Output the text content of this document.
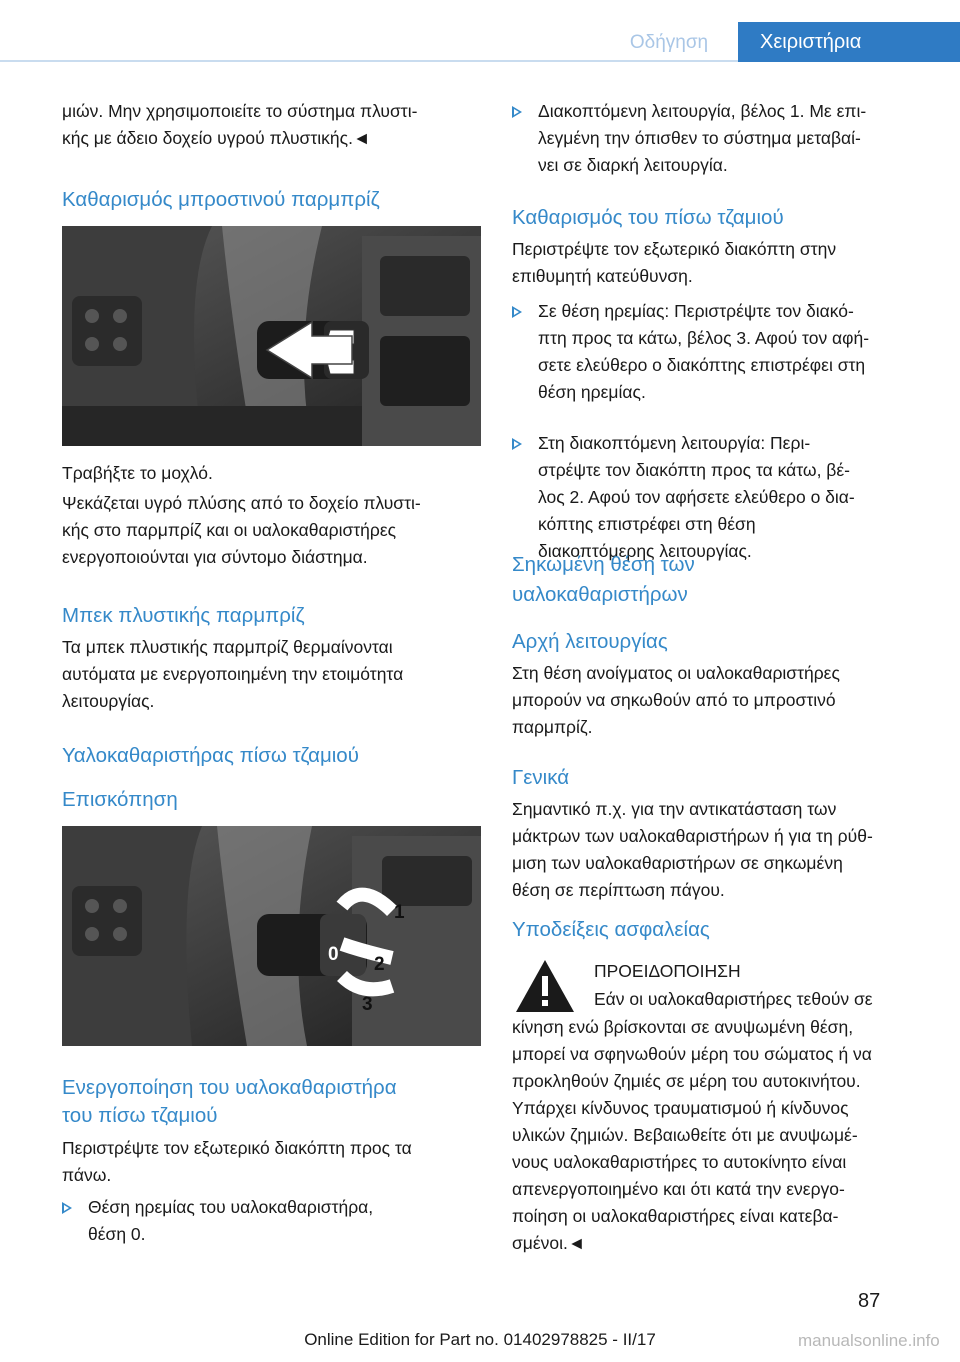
Οδήγηση	Χειριστήρια
μιών. Μην χρησιμοποιείτε το σύστημα πλυστι-
κής με άδειο δοχείο υγρού πλυστικής.◄
Καθαρισμός μπροστινού παρμπρίζ
Τραβήξτε το μοχλό.
Ψεκάζεται υγρό πλύσης από το δοχείο πλυστι-
κής στο παρμπρίζ και οι υαλοκαθαριστήρες
ενεργοποιούνται για σύντομο διάστημα.
Μπεκ πλυστικής παρμπρίζ
Τα μπεκ πλυστικής παρμπρίζ θερμαίνονται
αυτόματα με ενεργοποιημένη την ετοιμότητα
λειτουργίας.
Υαλοκαθαριστήρας πίσω τζαμιού
Επισκόπηση
1
0 2
3
Ενεργοποίηση του υαλοκαθαριστήρα
του πίσω τζαμιού
Περιστρέψτε τον εξωτερικό διακόπτη προς τα
πάνω.
Θέση ηρεμίας του υαλοκαθαριστήρα,
θέση 0.
Διακοπτόμενη λειτουργία, βέλος 1. Με επι-
λεγμένη την όπισθεν το σύστημα μεταβαί-
νει σε διαρκή λειτουργία.
Καθαρισμός του πίσω τζαμιού
Περιστρέψτε τον εξωτερικό διακόπτη στην
επιθυμητή κατεύθυνση.
Σε θέση ηρεμίας: Περιστρέψτε τον διακό-
πτη προς τα κάτω, βέλος 3. Αφού τον αφή-
σετε ελεύθερο ο διακόπτης επιστρέφει στη
θέση ηρεμίας.
Στη διακοπτόμενη λειτουργία: Περι-
στρέψτε τον διακόπτη προς τα κάτω, βέ-
λος 2. Αφού τον αφήσετε ελεύθερο ο δια-
κόπτης επιστρέφει στη θέση
διακοπτόμερης λειτουργίας.
Σηκωμένη θέση των
υαλοκαθαριστήρων
Αρχή λειτουργίας
Στη θέση ανοίγματος οι υαλοκαθαριστήρες
μπορούν να σηκωθούν από το μπροστινό
παρμπρίζ.
Γενικά
Σημαντικό π.χ. για την αντικατάσταση των
μάκτρων των υαλοκαθαριστήρων ή για τη ρύθ-
μιση των υαλοκαθαριστήρων σε σηκωμένη
θέση σε περίπτωση πάγου.
Υποδείξεις ασφαλείας
ΠΡΟΕΙΔΟΠΟΙΗΣΗ
Εάν οι υαλοκαθαριστήρες τεθούν σε
κίνηση ενώ βρίσκονται σε ανυψωμένη θέση,
μπορεί να σφηνωθούν μέρη του σώματος ή να
προκληθούν ζημιές σε μέρη του αυτοκινήτου.
Υπάρχει κίνδυνος τραυματισμού ή κίνδυνος
υλικών ζημιών. Βεβαιωθείτε ότι με ανυψωμέ-
νους υαλοκαθαριστήρες το αυτοκίνητο είναι
απενεργοποιημένο και ότι κατά την ενεργο-
ποίηση οι υαλοκαθαριστήρες είναι κατεβα-
σμένοι.◄
87
Online Edition for Part no. 01402978825 - II/17	manualsonline.info
